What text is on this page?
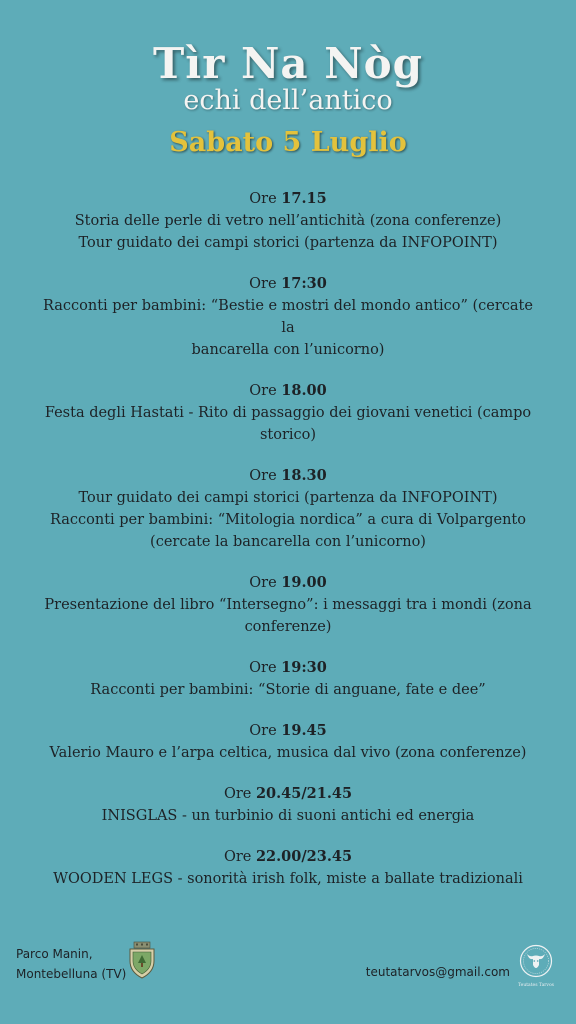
Tìr Na Nòg
echi dell’antico
Sabato 5 Luglio
Ore 17.15
Storia delle perle di vetro nell’antichità (zona conferenze)
Tour guidato dei campi storici (partenza da INFOPOINT)
Ore 17:30
Racconti per bambini: “Bestie e mostri del mondo antico” (cercate la
bancarella con l’unicorno)
Ore 18.00
Festa degli Hastati - Rito di passaggio dei giovani venetici (campo
storico)
Ore 18.30
Tour guidato dei campi storici (partenza da INFOPOINT)
Racconti per bambini: “Mitologia nordica” a cura di Volpargento
(cercate la bancarella con l’unicorno)
Ore 19.00
Presentazione del libro “Intersegno”: i messaggi tra i mondi (zona
conferenze)
Ore 19:30
Racconti per bambini: “Storie di anguane, fate e dee”
Ore 19.45
Valerio Mauro e l’arpa celtica, musica dal vivo (zona conferenze)
Ore 20.45/21.45
INISGLAS - un turbinio di suoni antichi ed energia
Ore 22.00/23.45
WOODEN LEGS - sonorità irish folk, miste a ballate tradizionali
Parco Manin,
Montebelluna (TV)	teutatarvos@gmail.com
Teutates Tarvos
